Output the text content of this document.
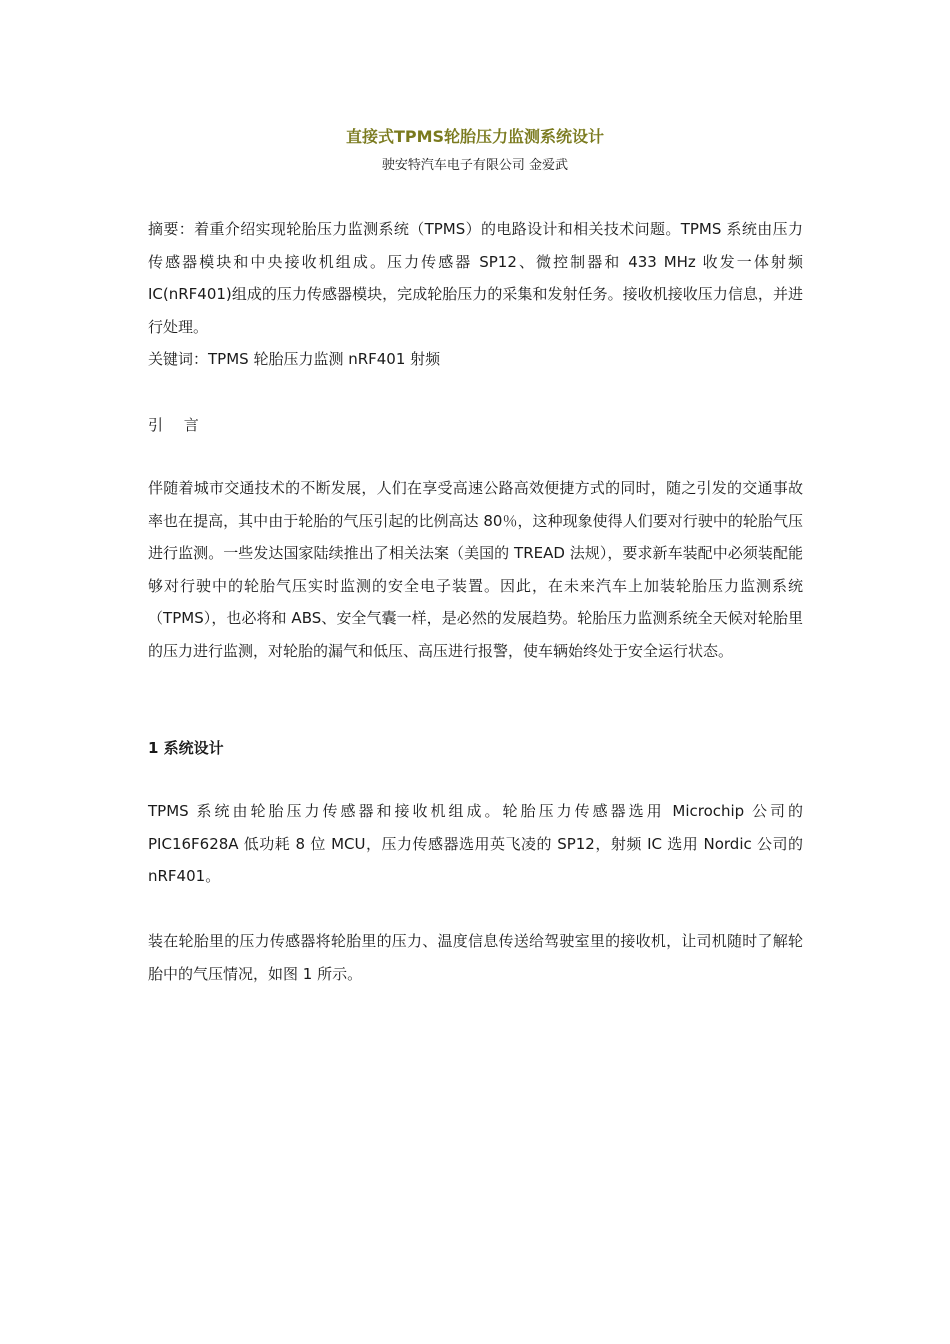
直接式TPMS轮胎压力监测系统设计
驶安特汽车电子有限公司 金爱武

摘要：着重介绍实现轮胎压力监测系统（TPMS）的电路设计和相关技术问题。TPMS 系统由压力传感器模块和中央接收机组成。压力传感器 SP12、微控制器和 433 MHz 收发一体射频 IC(nRF401)组成的压力传感器模块，完成轮胎压力的采集和发射任务。接收机接收压力信息，并进行处理。

关键词：TPMS 轮胎压力监测 nRF401 射频

引 言

伴随着城市交通技术的不断发展，人们在享受高速公路高效便捷方式的同时，随之引发的交通事故率也在提高，其中由于轮胎的气压引起的比例高达 80％，这种现象使得人们要对行驶中的轮胎气压进行监测。一些发达国家陆续推出了相关法案（美国的 TREAD 法规），要求新车装配中必须装配能够对行驶中的轮胎气压实时监测的安全电子装置。因此，在未来汽车上加装轮胎压力监测系统（TPMS），也必将和 ABS、安全气囊一样，是必然的发展趋势。轮胎压力监测系统全天候对轮胎里的压力进行监测，对轮胎的漏气和低压、高压进行报警，使车辆始终处于安全运行状态。

1 系统设计

TPMS 系统由轮胎压力传感器和接收机组成。轮胎压力传感器选用 Microchip 公司的 PIC16F628A 低功耗 8 位 MCU，压力传感器选用英飞凌的 SP12，射频 IC 选用 Nordic 公司的 nRF401。

装在轮胎里的压力传感器将轮胎里的压力、温度信息传送给驾驶室里的接收机，让司机随时了解轮胎中的气压情况，如图 1 所示。
